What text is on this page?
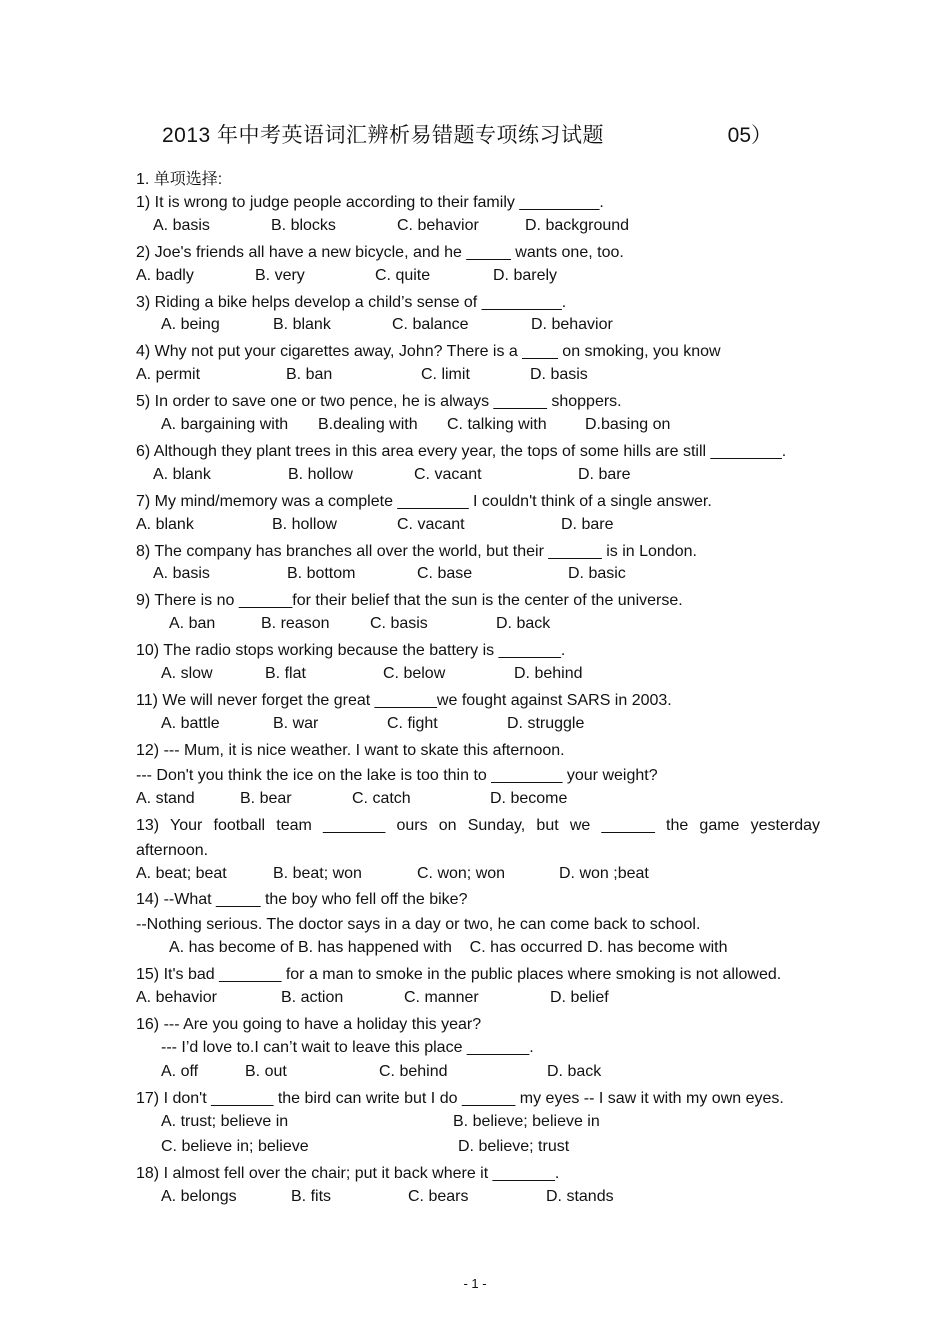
2013 年中考英语词汇辨析易错题专项练习试题	05）
1. 单项选择:
1) It is wrong to judge people according to their family _________.
A. basis	B. blocks	C. behavior	D. background
2) Joe's friends all have a new bicycle, and he _____ wants one, too.
A. badly	B. very	C. quite	D. barely
3) Riding a bike helps develop a child’s sense of _________.
A. being	B. blank	C. balance	D. behavior
4) Why not put your cigarettes away, John? There is a ____ on smoking, you know
A. permit	B. ban	C. limit	D. basis
5) In order to save one or two pence, he is always ______ shoppers.
A. bargaining with B.dealing with C. talking with D.basing on
6) Although they plant trees in this area every year, the tops of some hills are still ________.
A. blank	B. hollow	C. vacant	D. bare
7) My mind/memory was a complete ________ I couldn't think of a single answer.
A. blank	B. hollow	C. vacant	D. bare
8) The company has branches all over the world, but their ______ is in London.
A. basis	B. bottom	C. base	D. basic
9) There is no ______for their belief that the sun is the center of the universe.
A. ban	B. reason	C. basis	D. back
10) The radio stops working because the battery is _______.
A. slow	B. flat	C. below	D. behind
11) We will never forget the great _______we fought against SARS in 2003.
A. battle	B. war	C. fight	D. struggle
12) --- Mum, it is nice weather. I want to skate this afternoon.
--- Don't you think the ice on the lake is too thin to ________ your weight?
A. stand	B. bear	C. catch	D. become
13) Your football team _______ ours on Sunday, but we ______ the game yesterday
afternoon.
A. beat; beat	B. beat; won	C. won; won	D. won ;beat
14) --What _____ the boy who fell off the bike?
--Nothing serious. The doctor says in a day or two, he can come back to school.
A. has become of B. has happened with    C. has occurred D. has become with
15) It's bad _______ for a man to smoke in the public places where smoking is not allowed.
A. behavior	B. action	C. manner	D. belief
16) --- Are you going to have a holiday this year?
--- I’d love to.I can’t wait to leave this place _______.
A. off	B. out	C. behind	D. back
17) I don't _______ the bird can write but I do ______ my eyes -- I saw it with my own eyes.
A. trust; believe in	B. believe; believe in
C. believe in; believe	D. believe; trust
18) I almost fell over the chair; put it back where it _______.
A. belongs	B. fits	C. bears	D. stands
- 1 -
